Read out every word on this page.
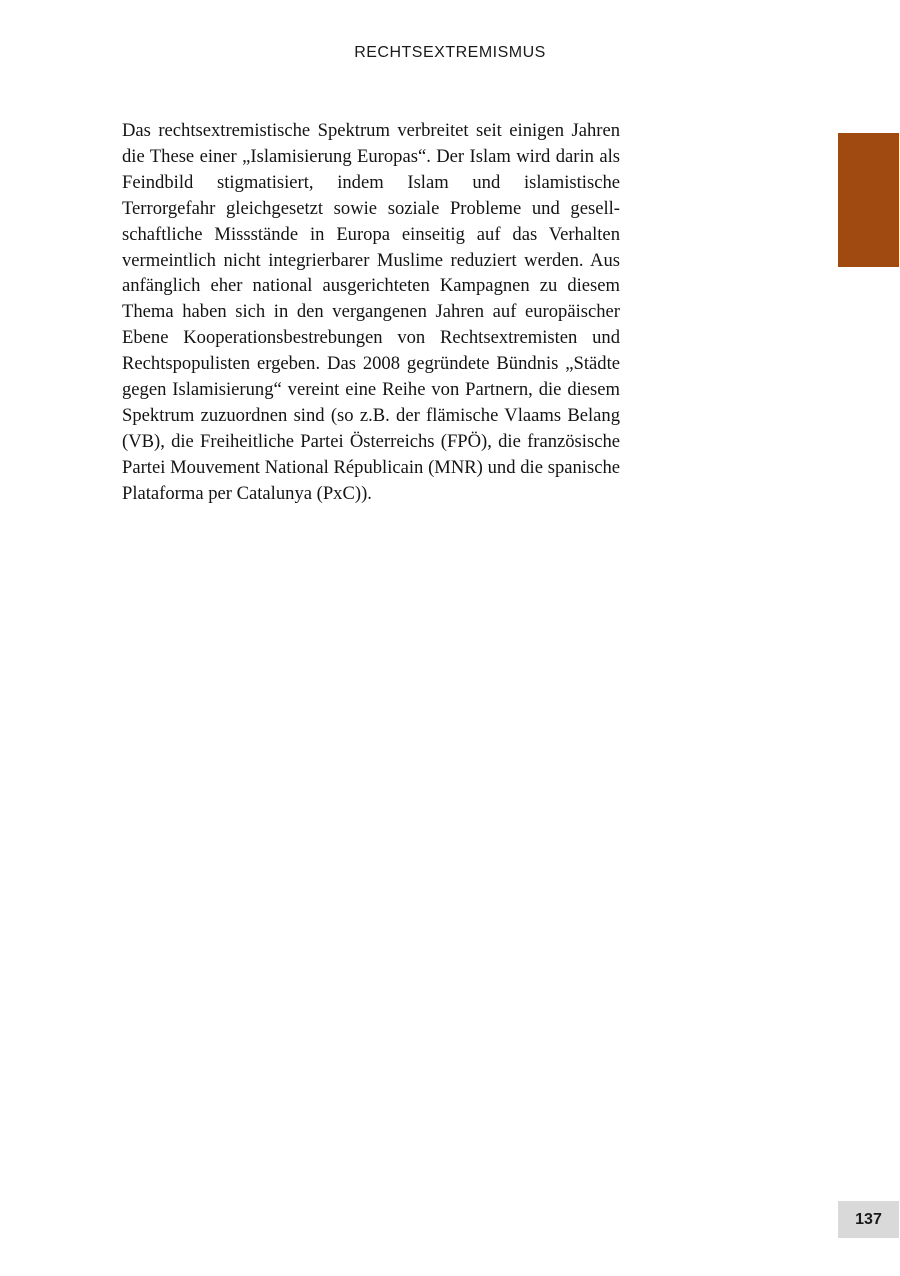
RECHTSEXTREMISMUS

Das rechtsextremistische Spektrum verbreitet seit einigen Jahren die These einer „Islamisierung Europas“. Der Islam wird darin als Feindbild stigmatisiert, indem Islam und islamistische Terrorgefahr gleichgesetzt sowie soziale Probleme und gesellschaftliche Missstände in Europa einseitig auf das Verhalten vermeintlich nicht integrierbarer Muslime reduziert werden. Aus anfänglich eher national ausgerichteten Kampagnen zu diesem Thema haben sich in den vergangenen Jahren auf europäischer Ebene Kooperationsbestrebungen von Rechtsextremisten und Rechtspopulisten ergeben. Das 2008 gegründete Bündnis „Städte gegen Islamisierung“ vereint eine Reihe von Partnern, die diesem Spektrum zuzuordnen sind (so z.B. der flämische Vlaams Belang (VB), die Freiheitliche Partei Österreichs (FPÖ), die französische Partei Mouvement National Républicain (MNR) und die spanische Plataforma per Catalunya (PxC)).

137
